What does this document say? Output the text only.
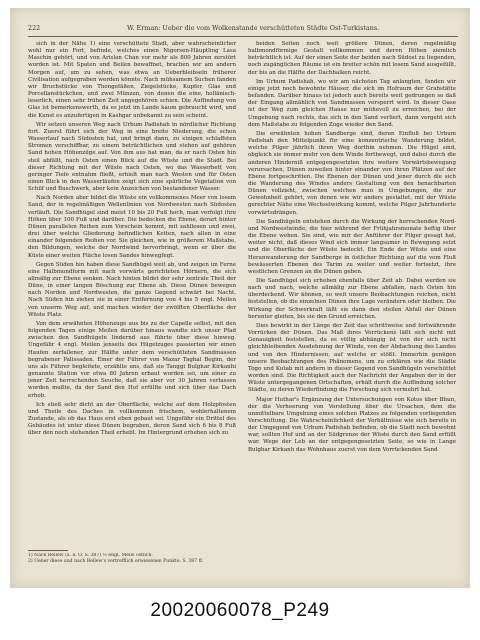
222	W. Erman: Ueber die vom Wolkenstande verschütteten Städte Ost-Turkistans.

sich in der Nähe 1) eine verschüttete Stadt, aber wahrscheinlicher wohl nur ein Fort, befinde, welches einen Nigorsen-Häuptling Lasa Maschin gehört, und von Arislan Chan vor mehr als 800 Jahren zerstört worden ist. Mit Spaten und Beilen bewaffnet, brachen wir am andern Morgen auf, um zu sehen, was etwa an Ueberbleibseln früherer Civilisation aufgegraben werden könnte. Nach mühsamem Suchen fanden wir Bruchstücke von Thongefäßen, Ziegelstücke, Kupfer, Glas und Porcellanstückchen, und zwei Münzen, von denen die eine, hollänisch-leserlich, einen sehr frühen Zeit angegehören schien. Die Auffindung von Glas ist bemerkenswerth, da es jetzt im Lande kaum gebraucht wird, und die Kunst es anzufertigen in Kashgar unbekannt zu sein scheint.

Wir setzen unseren Weg nach Urbum Padishah in nördlicher Richtung fort. Zuerst führt sich der Weg in eine breite Niederung, die schon Wasserlauf nach Südosten hat, und bringt dann, zu einigen schlaffsten Stromen verschiffbar, zu einem beträchtlichen und stehen auf gehören Sand hohen Höhenzüge auf. Von ihm aus hat man, da er nach Osten hin steil abfällt, nach Osten einen Blick auf die Wüste und die Stadt. Bei dieser Richtung mit der Wüste nach Osten, wo das Wasserbett von geringer Tiefe entnahm fließt, erhielt man nach Westen und für Osten einen Blick in den Wasserläufen zeigt sich eine spärliche Vegetation von Schilf und Buschwerk, aber kein Anzeichen von bestandener Wasser.

Nach Norden aber bildet die Wüste ein vollkommenes Meer von losem Sand, der in regelmäßigen Wellenlinien von Nordwesten nach Südosten verläuft. Die Sandhügel sind meist 10 bis 20 Fuß hoch, man verfolgt ihre Höhen über 100 Fuß und darüber. Die bedecken die Ebene, derart hinter Dünen parallelen Reihen zum Vorschein kommt, mit zahllosen und zwei, drei über welche Gliederung befindlichen Ketten, nach allen in eine einander folgenden Reihen vor. Sie gleichen, wie in größerem Maßstabe, den Bildungen, welche der Nordwind hervorbringt, wenn er über die Küste einer weiten Fläche losen Sandes hinwegfegt.

Gegen Süden hin haben diese Sandhügel weit ab, und zeigen im Ferne eine Halbmondform mit nach vorwärts gerichteten Hörnern, die sich allmälig zur Ebene senken. Nach hinten bildet der sehr zentrale Theil der Düne, in einer langen Böschung zur Ebene ab. Diese Dünen bewegen nach Norden und Nordwesten, die ganze Gegend schwärt bei Nacht. Nach Süden hin ziehen sie in einer Entfernung von 4 bis 5 engl. Meilen von unserm Weg auf, und machen wieder der zwölften Oberfläche der Wüste Platz.

Von dem erwähnten Höhenzuge aus bis zu der Capelle selbst, mit den folgenden Tagen einige Meilen darüber hinaus wandte sich unser Pfad zwischen den Sandhügeln lindernd aus führte über diese hinweg. Ungefähr 4 engl. Meilen jenseits des Hügelzuges passierten wir einen Haufen zerfallener, zur Hälfte unter dem verschütteten Sandmassen begrabener Palissaden. Einer der Führer von Mazar Taghal Begim, der uns als Führer begleitete, erzählte uns, daß sie Tanggi Bulghar Kirkanhi genannte Station vor etwa 80 Jahren erbaut worden sei, um einer zu jener Zeit herrschenden Seuche, daß sie aber vor 30 Jahren verlassen worden mußte, da der Sand den Hof erfüllte und sich über das Dach erhob.

Ich stieß sehr dicht an der Oberfläche, welche auf dem Holzpfosten und Theile des Daches in vollkommen frischem, wohlerhaltenem Zustande, als ob das Haus erst eben gebaut sei. Ungefähr ein Drittel des Gebäudes ist unter diese Dünen begraben, deren Sand sich 6 bis 8 Fuß über den noch stehenden Theil erhebt. Im Hintergrund erheben sich zu

beiden Seiten noch weit größere Dünen, deren regelmäßig halbmondförmige Gestalt vollkommen und deren Höhen ziemlich beträchtlich ist. Auf der einen Seite der beiden nach Südost zu liegenden, noch zugänglichen Räume ist ein breiter schön mit losem Sand ausgefüllt, der bis an die Hälfte der Dachbalken reicht.

Im Urbum Padishah, wo wir am nächsten Tag anlangten, fanden wir einige jetzt noch bewohnte Häuser, die sich im Hofraum der Grabstätte befanden. Darüber hinaus ist jedoch auch bereits weit gedrungen so daß der Eingang allmählich von Sandmassen versperrt wird. In dieser Oase ist der Weg zum gleichen Hause nur mühevoll zu erreichen, bei der Umgebung nach rechts, das sich in den Sand verliert, dann vergeht sich dem Maßstabe zu folgenden Zuge wieder den Sand.

Die erwähnten hohen Sandberge sind, deren Einfluß bei Urbum Padishah den Mittelpunkt für eine konzentrische Wanderung bildet, welche Pilger jährlich ihren Weg dorthin nehmen. Die Hügel sind, obgleich sie immer mehr von dem Winde fortbewegt, und dabei durch die anderen Hinderniß entgegengesetzten ihre weitere Vorwärtsbewegung verursachen, Dünen zuweilen hinter einander von ihren Plätzen auf der Ebene fortgeschritten. Die Ebenen der Dünen und jener durch die sich die Wanderung des Windes anders Gestaltung von den benachbarten Dünen vollzieht, zwischen welchen man in Umgebungen, die zur Gewohnheit gehört, von denen wie wir anders gestaltet, mit der Wüste gerechter Nähe eine Wechselwirkung kommt, welche Pilger Jahrhunderte vorwärtsdrängen.

Die Sandhügeln entstehen durch die Wirkung der herrschenden Nord- und Nordwestwinde, die hier während der Frühjahrsmonate heftig über die Ebene wehen. Sie sind, wie mir der Anführer der Pilger gesagt hat, weiter nicht, daß dieses Wind sich immer langsamer in Bewegung setzt und die Oberfläche der Wüste bedeckt. Ein Ende der Wüste und eine Heranwanderung der Sandberge in östlicher Richtung auf die vom Fluß bewässerten Ebenen des Tarim zu weiter und weiter fortsetzt, ihre westlichen Grenzen an die Dünen geben.

Die Sandhügel sich erheben ebenfalls über Zeit ab. Dabei werden sie nach und nach, welche allmälig zur Ebene abfallen, nach Osten hin überdeckend. Wir können, so weit unsere Beobachtungen reichen, nicht feststellen, ob die einzelnen Dünen ihre Lage verändern oder bleiben. Die Wirkung der Schwerkraft läßt sie dann den steilen Abfall der Dünen herunter gleiten, bis sie den Grund erreichen.

Dies bewirkt in der Länge der Zeit das schrittweise und fortwährende Vorrücken der Dünen. Das Maß ihres Vorrückens läßt sich nicht mit Genauigkeit feststellen, da es völlig abhängig ist von der sich nicht gleichbleibenden Ausdehnung der Winde, von der Abdachung des Landes und von den Hindernissen, auf welche er stößt. Immerhin genügen unsere Beobachtungen des Phänomens, um zu erklären wie die Städte Togo und Kutab mit andern in dieser Gegend von Sandhügeln verschüttet worden sind. Die Richtigkeit auch der Nachricht der Angaben der in der Wüste untergegangenen Ortschaften, erhält durch die Auffindung solcher Städte, zu deren Wiederfindung die Forschung sich vermehrt hat.

Major Huthar's Ergänzung der Untersuchungen von Kotos über Bhun, der die Verheerung von Vorstellung über die Ursachen, dem die unmittelbare Umgebung eines solchen Platzes zu folgenden vorliegenden Verschüttung. Die Wahrscheinlichkeit der Verhältnisse wie sich bereits in der Umgegend von Urbum Padishah befinden, ob die Stadt noch bewohnt war, sollten Hof und an der Südgrenze der Wüste durch den Sand erfüllt war. Wege der Leb an der entgegengesetzten Seite, so wie in Lange Bulghar Kirkanh das Wohnhaus zuerst von dem Vorrückenden Sand

1) Nach Bellew (a. a. O. S. 387) ⅓ engl. Meile östlich.
2) Ueber diese und nach Bellew's vertrefflich erwiesenen Punkte, S. 387 ff.
20020060078_P249
